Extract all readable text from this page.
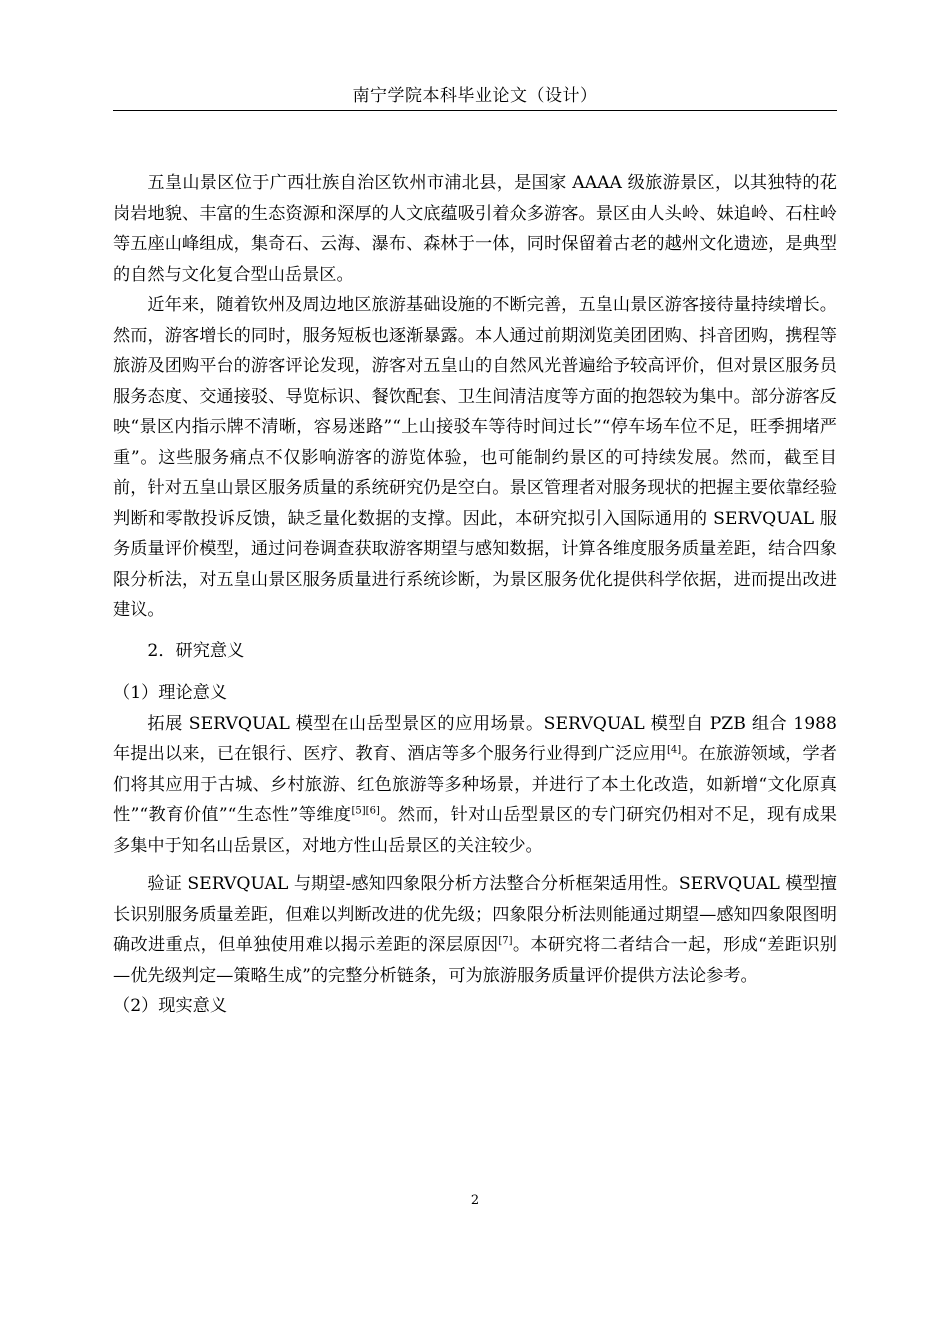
南宁学院本科毕业论文（设计）

五皇山景区位于广西壮族自治区钦州市浦北县，是国家 AAAA 级旅游景区，以其独特的花岗岩地貌、丰富的生态资源和深厚的人文底蕴吸引着众多游客。景区由人头岭、妹追岭、石柱岭等五座山峰组成，集奇石、云海、瀑布、森林于一体，同时保留着古老的越州文化遗迹，是典型的自然与文化复合型山岳景区。

近年来，随着钦州及周边地区旅游基础设施的不断完善，五皇山景区游客接待量持续增长。然而，游客增长的同时，服务短板也逐渐暴露。本人通过前期浏览美团团购、抖音团购，携程等旅游及团购平台的游客评论发现，游客对五皇山的自然风光普遍给予较高评价，但对景区服务员服务态度、交通接驳、导览标识、餐饮配套、卫生间清洁度等方面的抱怨较为集中。部分游客反映“景区内指示牌不清晰，容易迷路”“上山接驳车等待时间过长”“停车场车位不足，旺季拥堵严重”。这些服务痛点不仅影响游客的游览体验，也可能制约景区的可持续发展。然而，截至目前，针对五皇山景区服务质量的系统研究仍是空白。景区管理者对服务现状的把握主要依靠经验判断和零散投诉反馈，缺乏量化数据的支撑。因此，本研究拟引入国际通用的 SERVQUAL 服务质量评价模型，通过问卷调查获取游客期望与感知数据，计算各维度服务质量差距，结合四象限分析法，对五皇山景区服务质量进行系统诊断，为景区服务优化提供科学依据，进而提出改进建议。

2．研究意义

（1）理论意义

拓展 SERVQUAL 模型在山岳型景区的应用场景。SERVQUAL 模型自 PZB 组合 1988 年提出以来，已在银行、医疗、教育、酒店等多个服务行业得到广泛应用[4]。在旅游领域，学者们将其应用于古城、乡村旅游、红色旅游等多种场景，并进行了本土化改造，如新增“文化原真性”“教育价值”“生态性”等维度[5][6]。然而，针对山岳型景区的专门研究仍相对不足，现有成果多集中于知名山岳景区，对地方性山岳景区的关注较少。

验证 SERVQUAL 与期望-感知四象限分析方法整合分析框架适用性。SERVQUAL 模型擅长识别服务质量差距，但难以判断改进的优先级；四象限分析法则能通过期望—感知四象限图明确改进重点，但单独使用难以揭示差距的深层原因[7]。本研究将二者结合一起，形成“差距识别—优先级判定—策略生成”的完整分析链条，可为旅游服务质量评价提供方法论参考。

（2）现实意义

2
